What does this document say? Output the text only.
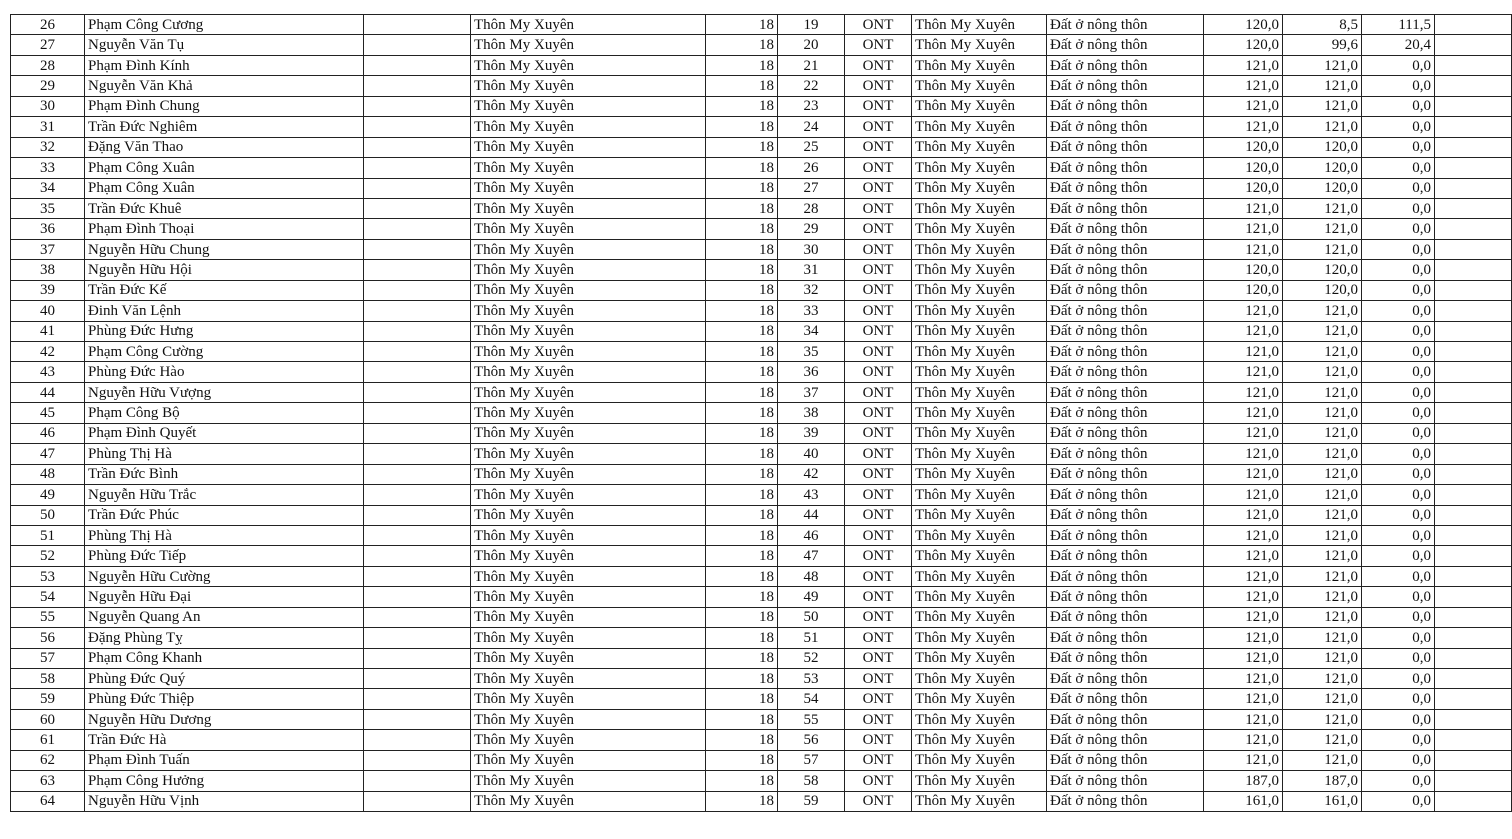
26	Phạm Công Cương		Thôn My Xuyên	18	19	ONT	Thôn My Xuyên	Đất ở nông thôn	120,0	8,5	111,5	
27	Nguyễn Văn Tụ		Thôn My Xuyên	18	20	ONT	Thôn My Xuyên	Đất ở nông thôn	120,0	99,6	20,4	
28	Phạm Đình Kính		Thôn My Xuyên	18	21	ONT	Thôn My Xuyên	Đất ở nông thôn	121,0	121,0	0,0	
29	Nguyễn Văn Khả		Thôn My Xuyên	18	22	ONT	Thôn My Xuyên	Đất ở nông thôn	121,0	121,0	0,0	
30	Phạm Đình Chung		Thôn My Xuyên	18	23	ONT	Thôn My Xuyên	Đất ở nông thôn	121,0	121,0	0,0	
31	Trần Đức Nghiêm		Thôn My Xuyên	18	24	ONT	Thôn My Xuyên	Đất ở nông thôn	121,0	121,0	0,0	
32	Đặng Văn Thao		Thôn My Xuyên	18	25	ONT	Thôn My Xuyên	Đất ở nông thôn	120,0	120,0	0,0	
33	Phạm Công Xuân		Thôn My Xuyên	18	26	ONT	Thôn My Xuyên	Đất ở nông thôn	120,0	120,0	0,0	
34	Phạm Công Xuân		Thôn My Xuyên	18	27	ONT	Thôn My Xuyên	Đất ở nông thôn	120,0	120,0	0,0	
35	Trần Đức Khuê		Thôn My Xuyên	18	28	ONT	Thôn My Xuyên	Đất ở nông thôn	121,0	121,0	0,0	
36	Phạm Đình Thoại		Thôn My Xuyên	18	29	ONT	Thôn My Xuyên	Đất ở nông thôn	121,0	121,0	0,0	
37	Nguyễn Hữu Chung		Thôn My Xuyên	18	30	ONT	Thôn My Xuyên	Đất ở nông thôn	121,0	121,0	0,0	
38	Nguyễn Hữu Hội		Thôn My Xuyên	18	31	ONT	Thôn My Xuyên	Đất ở nông thôn	120,0	120,0	0,0	
39	Trần Đức Kế		Thôn My Xuyên	18	32	ONT	Thôn My Xuyên	Đất ở nông thôn	120,0	120,0	0,0	
40	Đinh Văn Lệnh		Thôn My Xuyên	18	33	ONT	Thôn My Xuyên	Đất ở nông thôn	121,0	121,0	0,0	
41	Phùng Đức Hưng		Thôn My Xuyên	18	34	ONT	Thôn My Xuyên	Đất ở nông thôn	121,0	121,0	0,0	
42	Phạm Công Cường		Thôn My Xuyên	18	35	ONT	Thôn My Xuyên	Đất ở nông thôn	121,0	121,0	0,0	
43	Phùng Đức Hào		Thôn My Xuyên	18	36	ONT	Thôn My Xuyên	Đất ở nông thôn	121,0	121,0	0,0	
44	Nguyễn Hữu Vượng		Thôn My Xuyên	18	37	ONT	Thôn My Xuyên	Đất ở nông thôn	121,0	121,0	0,0	
45	Phạm Công Bộ		Thôn My Xuyên	18	38	ONT	Thôn My Xuyên	Đất ở nông thôn	121,0	121,0	0,0	
46	Phạm Đình Quyết		Thôn My Xuyên	18	39	ONT	Thôn My Xuyên	Đất ở nông thôn	121,0	121,0	0,0	
47	Phùng Thị Hà		Thôn My Xuyên	18	40	ONT	Thôn My Xuyên	Đất ở nông thôn	121,0	121,0	0,0	
48	Trần Đức Bình		Thôn My Xuyên	18	42	ONT	Thôn My Xuyên	Đất ở nông thôn	121,0	121,0	0,0	
49	Nguyễn Hữu Trắc		Thôn My Xuyên	18	43	ONT	Thôn My Xuyên	Đất ở nông thôn	121,0	121,0	0,0	
50	Trần Đức Phúc		Thôn My Xuyên	18	44	ONT	Thôn My Xuyên	Đất ở nông thôn	121,0	121,0	0,0	
51	Phùng Thị Hà		Thôn My Xuyên	18	46	ONT	Thôn My Xuyên	Đất ở nông thôn	121,0	121,0	0,0	
52	Phùng Đức Tiếp		Thôn My Xuyên	18	47	ONT	Thôn My Xuyên	Đất ở nông thôn	121,0	121,0	0,0	
53	Nguyễn Hữu Cường		Thôn My Xuyên	18	48	ONT	Thôn My Xuyên	Đất ở nông thôn	121,0	121,0	0,0	
54	Nguyễn Hữu Đại		Thôn My Xuyên	18	49	ONT	Thôn My Xuyên	Đất ở nông thôn	121,0	121,0	0,0	
55	Nguyễn Quang An		Thôn My Xuyên	18	50	ONT	Thôn My Xuyên	Đất ở nông thôn	121,0	121,0	0,0	
56	Đặng Phùng Tỵ		Thôn My Xuyên	18	51	ONT	Thôn My Xuyên	Đất ở nông thôn	121,0	121,0	0,0	
57	Phạm Công Khanh		Thôn My Xuyên	18	52	ONT	Thôn My Xuyên	Đất ở nông thôn	121,0	121,0	0,0	
58	Phùng Đức Quý		Thôn My Xuyên	18	53	ONT	Thôn My Xuyên	Đất ở nông thôn	121,0	121,0	0,0	
59	Phùng Đức Thiệp		Thôn My Xuyên	18	54	ONT	Thôn My Xuyên	Đất ở nông thôn	121,0	121,0	0,0	
60	Nguyễn Hữu Dương		Thôn My Xuyên	18	55	ONT	Thôn My Xuyên	Đất ở nông thôn	121,0	121,0	0,0	
61	Trần Đức Hà		Thôn My Xuyên	18	56	ONT	Thôn My Xuyên	Đất ở nông thôn	121,0	121,0	0,0	
62	Phạm Đình Tuấn		Thôn My Xuyên	18	57	ONT	Thôn My Xuyên	Đất ở nông thôn	121,0	121,0	0,0	
63	Phạm Công Hưởng		Thôn My Xuyên	18	58	ONT	Thôn My Xuyên	Đất ở nông thôn	187,0	187,0	0,0	
64	Nguyễn Hữu Vịnh		Thôn My Xuyên	18	59	ONT	Thôn My Xuyên	Đất ở nông thôn	161,0	161,0	0,0	
